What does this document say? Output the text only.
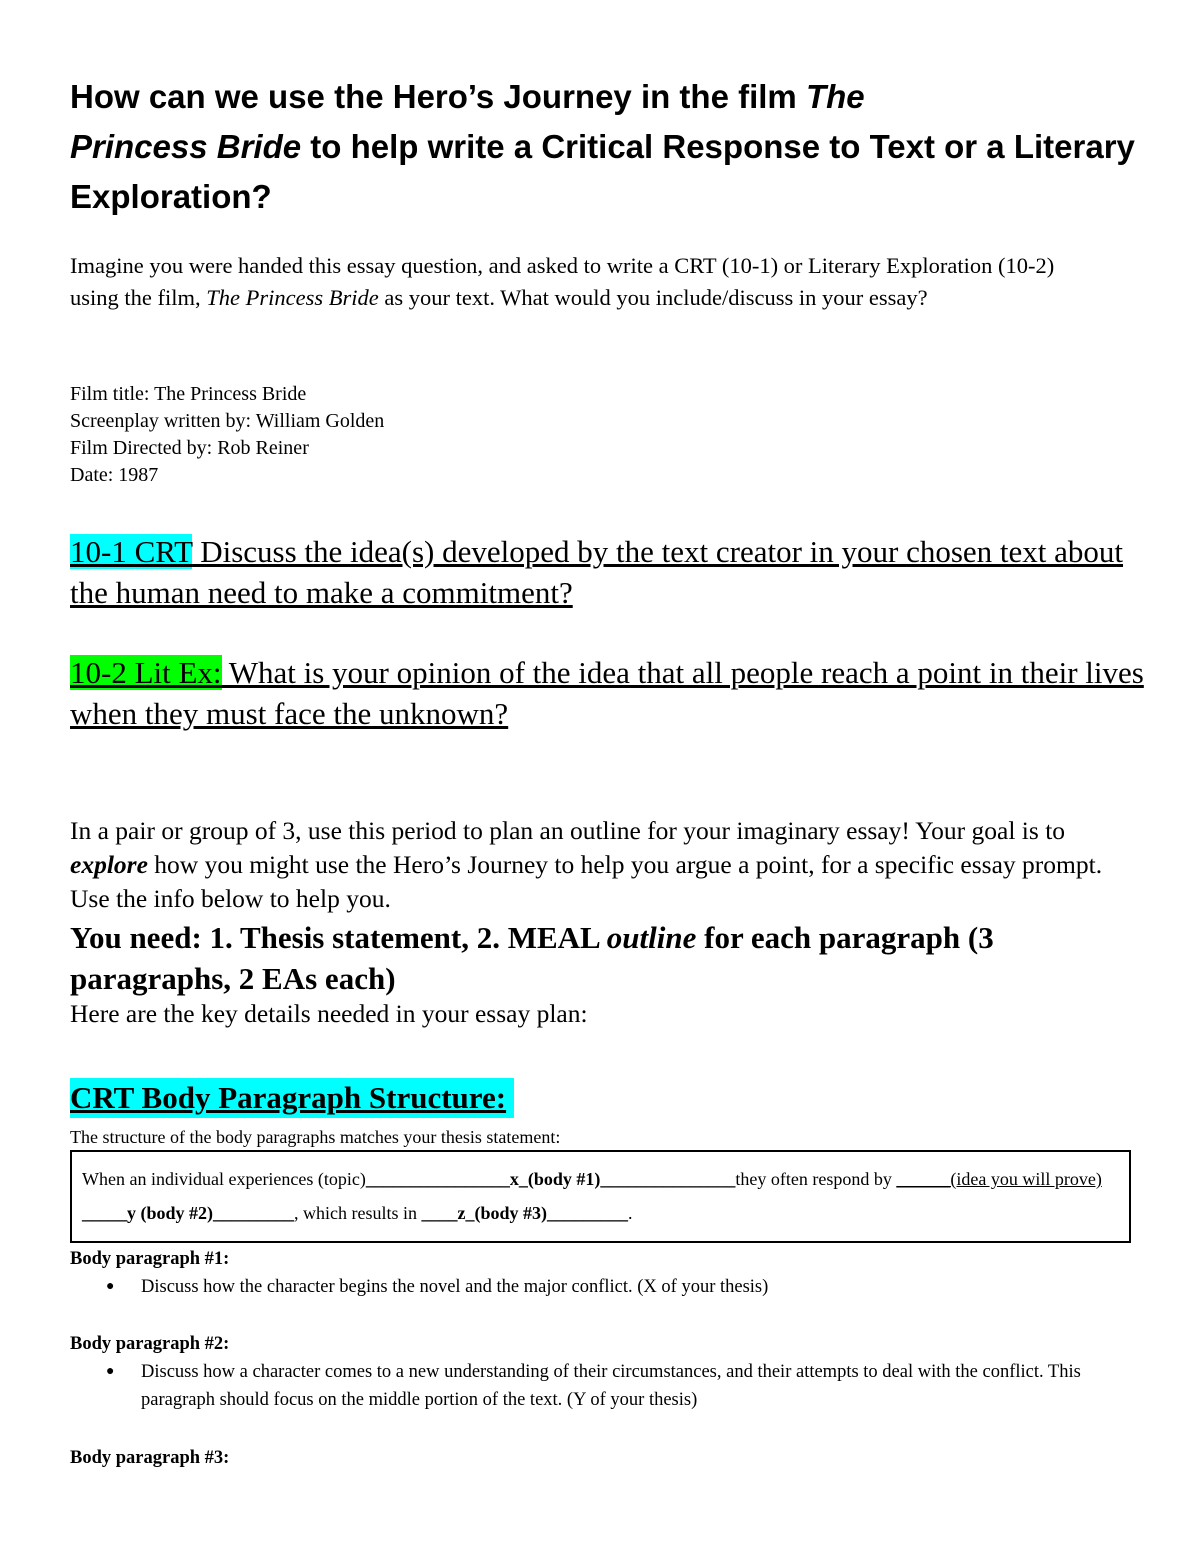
How can we use the Hero’s Journey in the film The
Princess Bride to help write a Critical Response to Text or a Literary Exploration?

Imagine you were handed this essay question, and asked to write a CRT (10-1) or Literary Exploration (10-2) using the film, The Princess Bride as your text. What would you include/discuss in your essay?

Film title: The Princess Bride
Screenplay written by: William Golden
Film Directed by: Rob Reiner
Date: 1987

10-1 CRT Discuss the idea(s) developed by the text creator in your chosen text about the human need to make a commitment?

10-2 Lit Ex: What is your opinion of the idea that all people reach a point in their lives when they must face the unknown?

In a pair or group of 3, use this period to plan an outline for your imaginary essay! Your goal is to explore how you might use the Hero’s Journey to help you argue a point, for a specific essay prompt. Use the info below to help you.

You need: 1. Thesis statement, 2. MEAL outline for each paragraph (3 paragraphs, 2 EAs each)

Here are the key details needed in your essay plan:

CRT Body Paragraph Structure:

The structure of the body paragraphs matches your thesis statement:

When an individual experiences (topic)________________x_(body #1)_______________they often respond by ______(idea you will prove) _____y (body #2)_________, which results in ____z_(body #3)_________.

Body paragraph #1:

● Discuss how the character begins the novel and the major conflict. (X of your thesis)

Body paragraph #2:

● Discuss how a character comes to a new understanding of their circumstances, and their attempts to deal with the conflict. This paragraph should focus on the middle portion of the text. (Y of your thesis)

Body paragraph #3:
